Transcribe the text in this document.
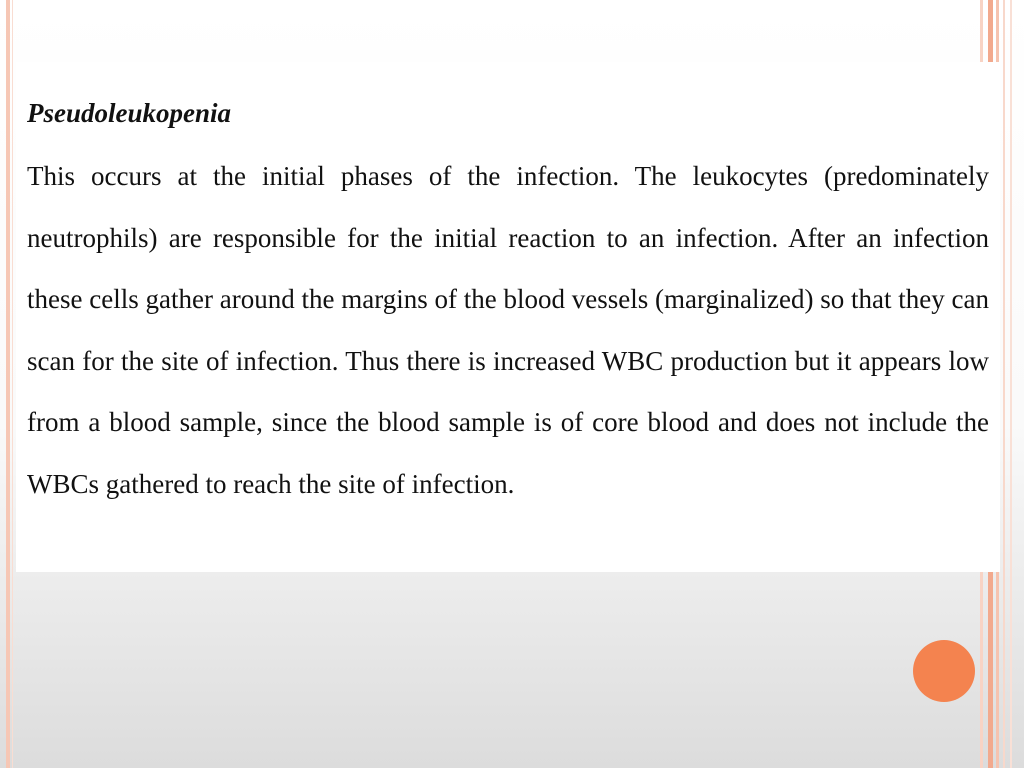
Pseudoleukopenia
This occurs at the initial phases of the infection. The leukocytes (predominately neutrophils) are responsible for the initial reaction to an infection. After an infection these cells gather around the margins of the blood vessels (marginalized) so that they can scan for the site of infection. Thus there is increased WBC production but it appears low from a blood sample, since the blood sample is of core blood and does not include the WBCs gathered to reach the site of infection.
